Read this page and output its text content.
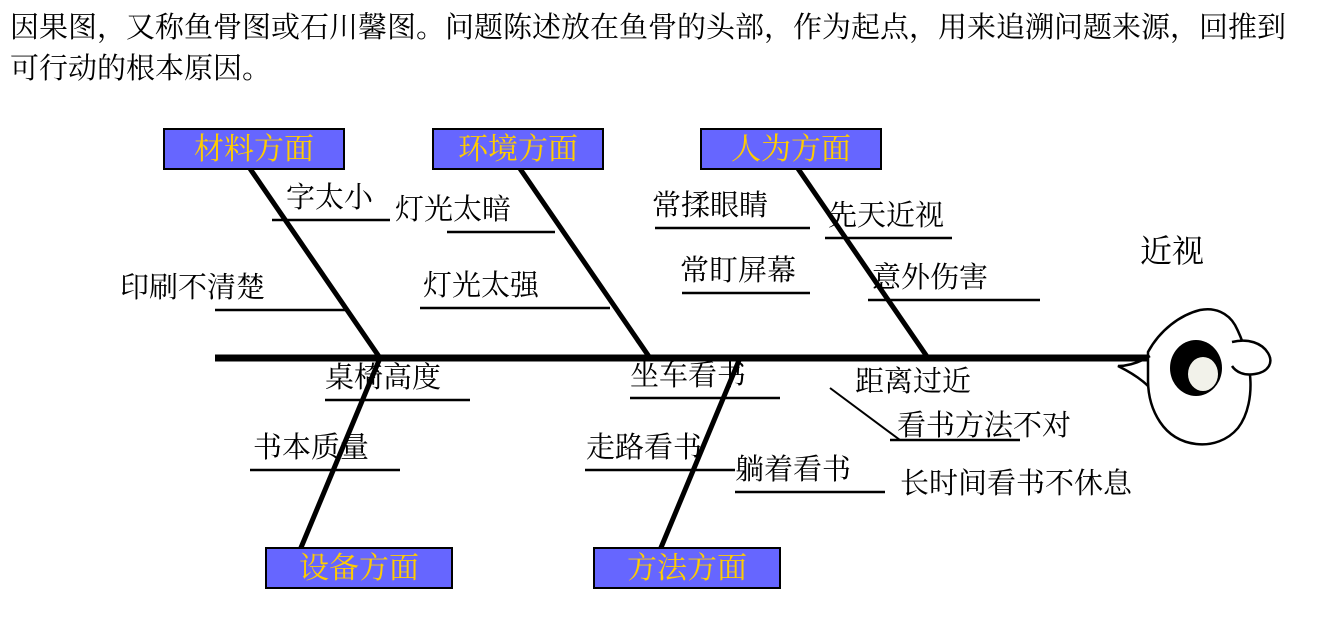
因果图，又称鱼骨图或石川馨图。问题陈述放在鱼骨的头部，作为起点，用来追溯问题来源，回推到可行动的根本原因。
材料方面	环境方面	人为方面
设备方面	方法方面
近视
字太小
印刷不清楚
灯光太暗
灯光太强
常揉眼睛 先天近视
常盯屏幕	意外伤害
桌椅高度
书本质量
坐车看书
走路看书
躺着看书
距离过近
看书方法不对
长时间看书不休息
